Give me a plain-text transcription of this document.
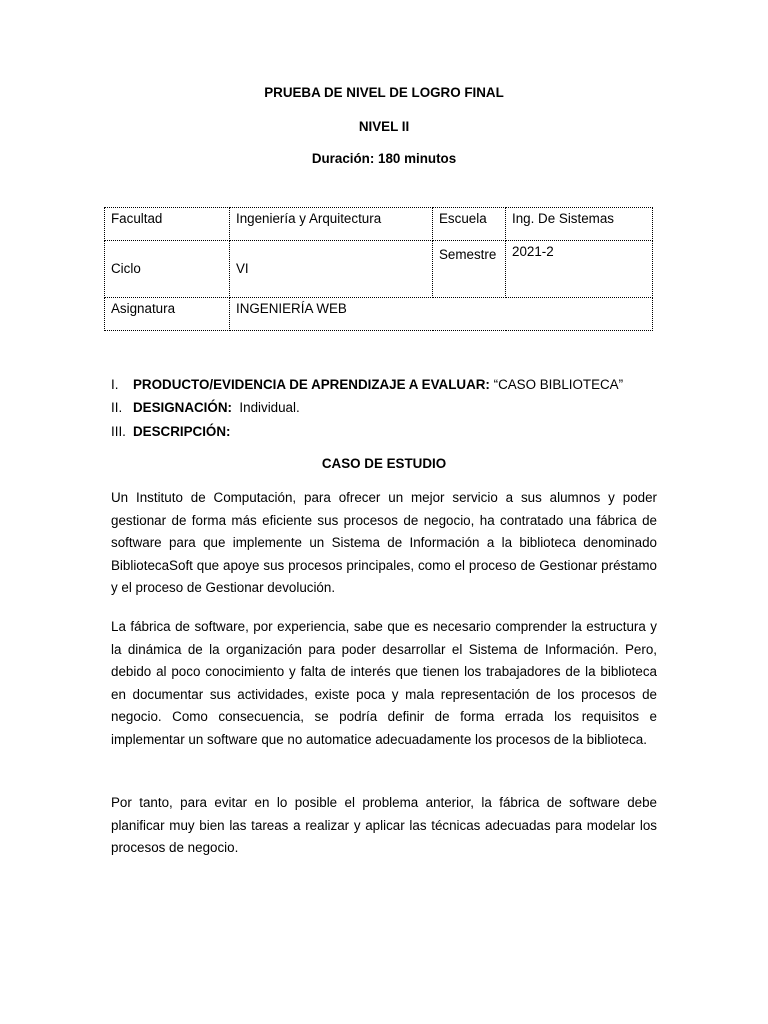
PRUEBA DE NIVEL DE LOGRO FINAL
NIVEL II
Duración: 180 minutos
Facultad	Ingeniería y Arquitectura	Escuela	Ing. De Sistemas
Ciclo	VI	Semestre	2021-2
Asignatura	INGENIERÍA WEB		
I. PRODUCTO/EVIDENCIA DE APRENDIZAJE A EVALUAR: “CASO BIBLIOTECA”
II. DESIGNACIÓN: Individual.
III. DESCRIPCIÓN:
CASO DE ESTUDIO

Un Instituto de Computación, para ofrecer un mejor servicio a sus alumnos y poder gestionar de forma más eficiente sus procesos de negocio, ha contratado una fábrica de software para que implemente un Sistema de Información a la biblioteca denominado BibliotecaSoft que apoye sus procesos principales, como el proceso de Gestionar préstamo y el proceso de Gestionar devolución.

La fábrica de software, por experiencia, sabe que es necesario comprender la estructura y la dinámica de la organización para poder desarrollar el Sistema de Información. Pero, debido al poco conocimiento y falta de interés que tienen los trabajadores de la biblioteca en documentar sus actividades, existe poca y mala representación de los procesos de negocio. Como consecuencia, se podría definir de forma errada los requisitos e implementar un software que no automatice adecuadamente los procesos de la biblioteca.

Por tanto, para evitar en lo posible el problema anterior, la fábrica de software debe planificar muy bien las tareas a realizar y aplicar las técnicas adecuadas para modelar los procesos de negocio.
